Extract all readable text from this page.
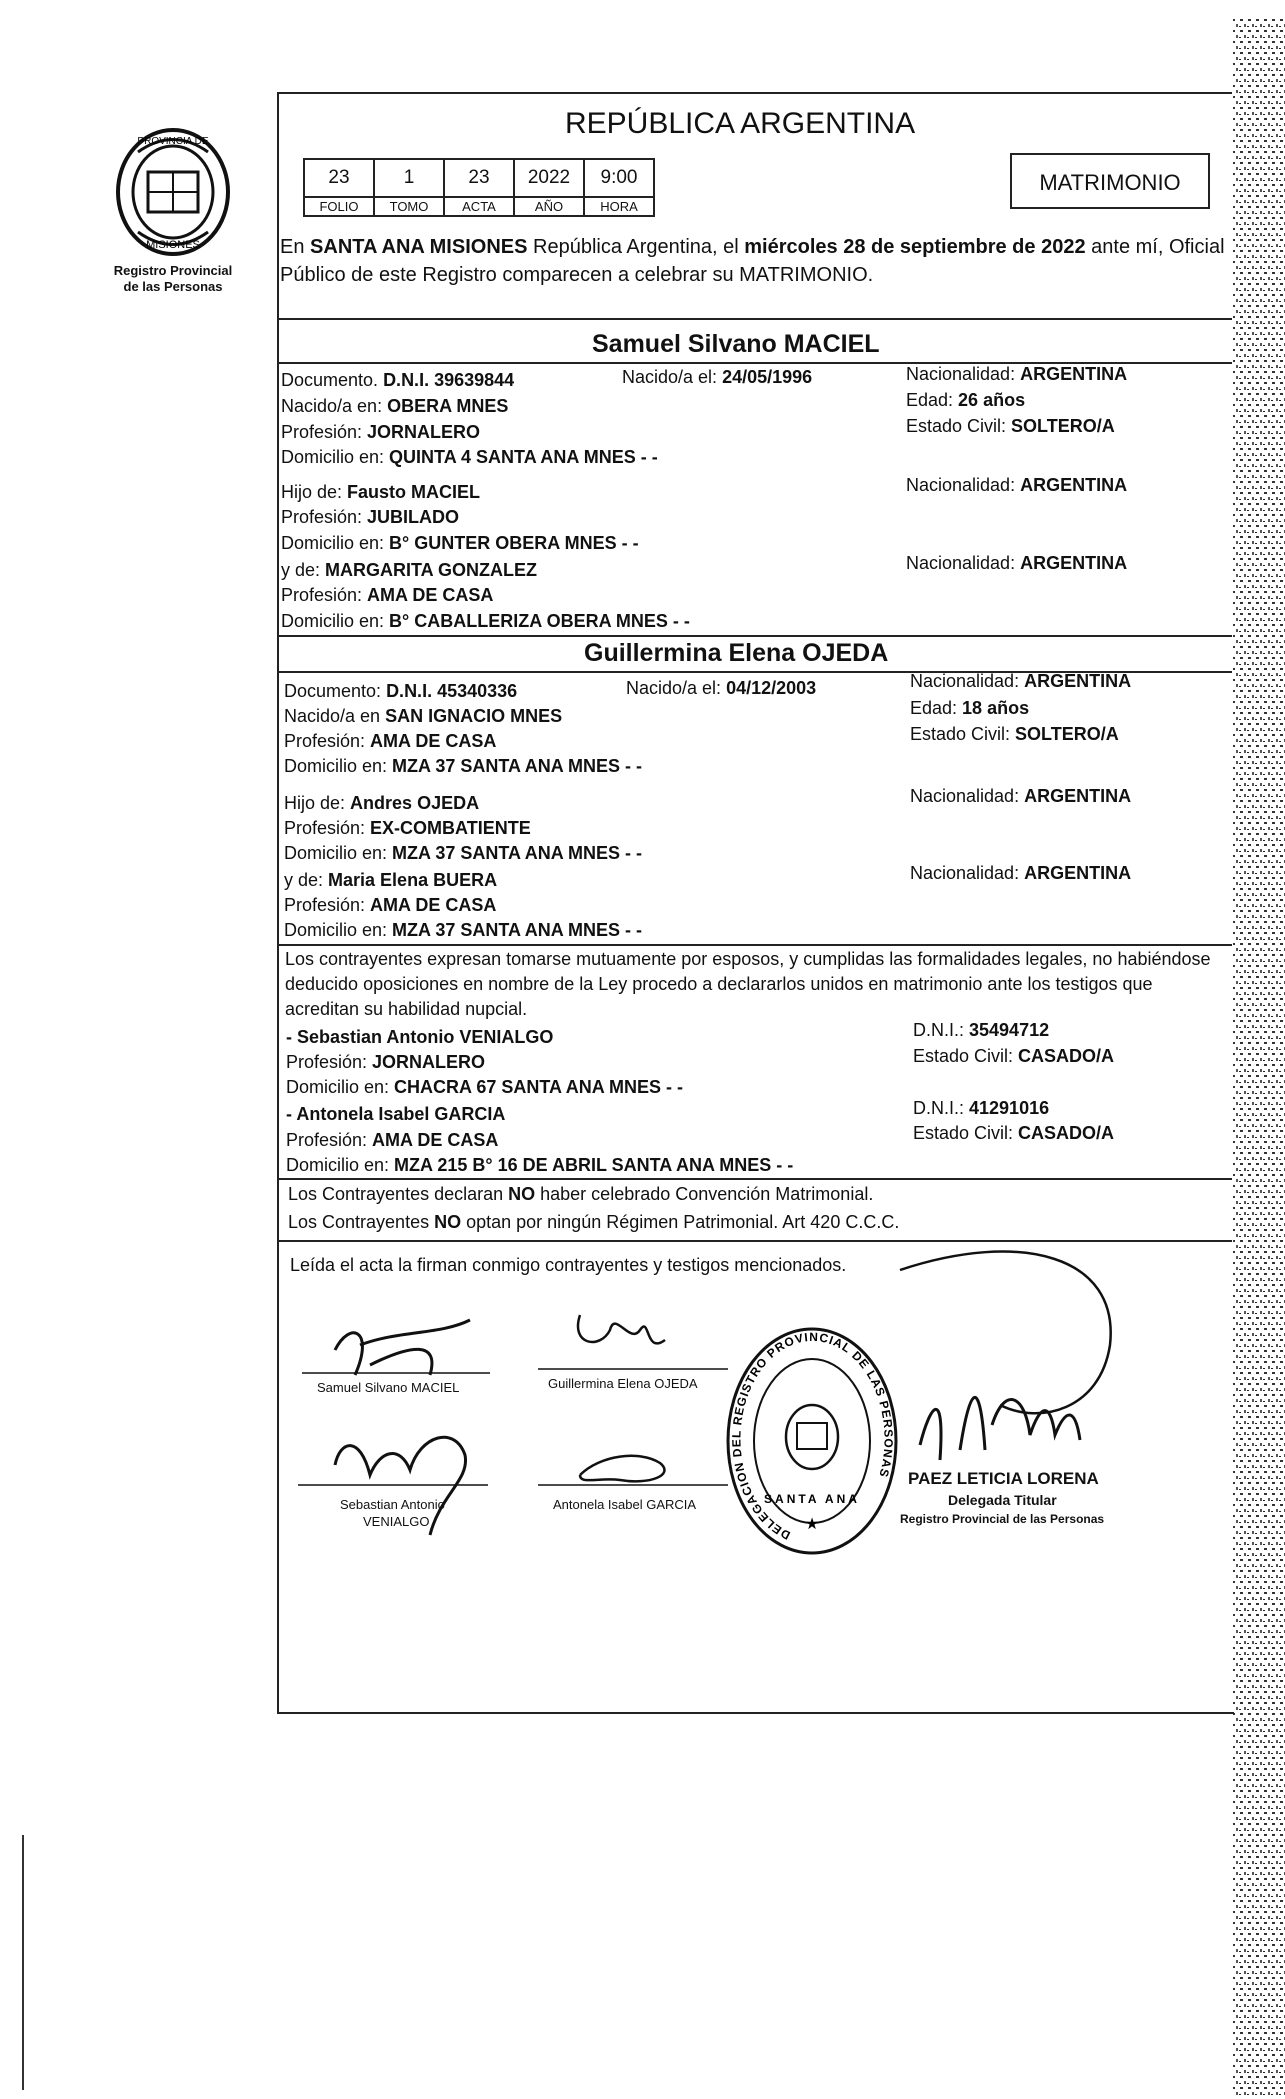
PROVINCIA DE
MISIONES
Registro Provincial
de las Personas
REPÚBLICA ARGENTINA
23	1	23	2022	9:00
FOLIO	TOMO	ACTA	AÑO	HORA
MATRIMONIO
En SANTA ANA MISIONES República Argentina, el miércoles 28 de septiembre de 2022 ante mí, Oficial Público de este Registro comparecen a celebrar su MATRIMONIO.
Samuel Silvano MACIEL
Documento. D.N.I. 39639844	Nacido/a el: 24/05/1996	Nacionalidad: ARGENTINA
Nacido/a en: OBERA MNES	Edad: 26 años
Profesión: JORNALERO	Estado Civil: SOLTERO/A
Domicilio en: QUINTA 4 SANTA ANA MNES - -
Hijo de: Fausto MACIEL	Nacionalidad: ARGENTINA
Profesión: JUBILADO
Domicilio en: B° GUNTER OBERA MNES - -
y de: MARGARITA GONZALEZ	Nacionalidad: ARGENTINA
Profesión: AMA DE CASA
Domicilio en: B° CABALLERIZA OBERA MNES - -
Guillermina Elena OJEDA
Documento: D.N.I. 45340336	Nacido/a el: 04/12/2003	Nacionalidad: ARGENTINA
Nacido/a en SAN IGNACIO MNES	Edad: 18 años
Profesión: AMA DE CASA	Estado Civil: SOLTERO/A
Domicilio en: MZA 37 SANTA ANA MNES - -
Hijo de: Andres OJEDA	Nacionalidad: ARGENTINA
Profesión: EX-COMBATIENTE
Domicilio en: MZA 37 SANTA ANA MNES - -
y de: Maria Elena BUERA	Nacionalidad: ARGENTINA
Profesión: AMA DE CASA
Domicilio en: MZA 37 SANTA ANA MNES - -
Los contrayentes expresan tomarse mutuamente por esposos, y cumplidas las formalidades legales, no habiéndose deducido oposiciones en nombre de la Ley procedo a declararlos unidos en matrimonio ante los testigos que acreditan su habilidad nupcial.
- Sebastian Antonio VENIALGO	D.N.I.: 35494712
Profesión: JORNALERO	Estado Civil: CASADO/A
Domicilio en: CHACRA 67 SANTA ANA MNES - -
- Antonela Isabel GARCIA	D.N.I.: 41291016
Profesión: AMA DE CASA	Estado Civil: CASADO/A
Domicilio en: MZA 215 B° 16 DE ABRIL SANTA ANA MNES - -
Los Contrayentes declaran NO haber celebrado Convención Matrimonial.
Los Contrayentes NO optan por ningún Régimen Patrimonial. Art 420 C.C.C.
Leída el acta la firman conmigo contrayentes y testigos mencionados.
Samuel Silvano MACIEL	Guillermina Elena OJEDA
Sebastian Antonio
VENIALGO
Antonela Isabel GARCIA
PAEZ LETICIA LORENA
Delegada Titular
Registro Provincial de las Personas
DELEGACION DEL REGISTRO PROVINCIAL DE LAS PERSONAS
SANTA ANA
★
